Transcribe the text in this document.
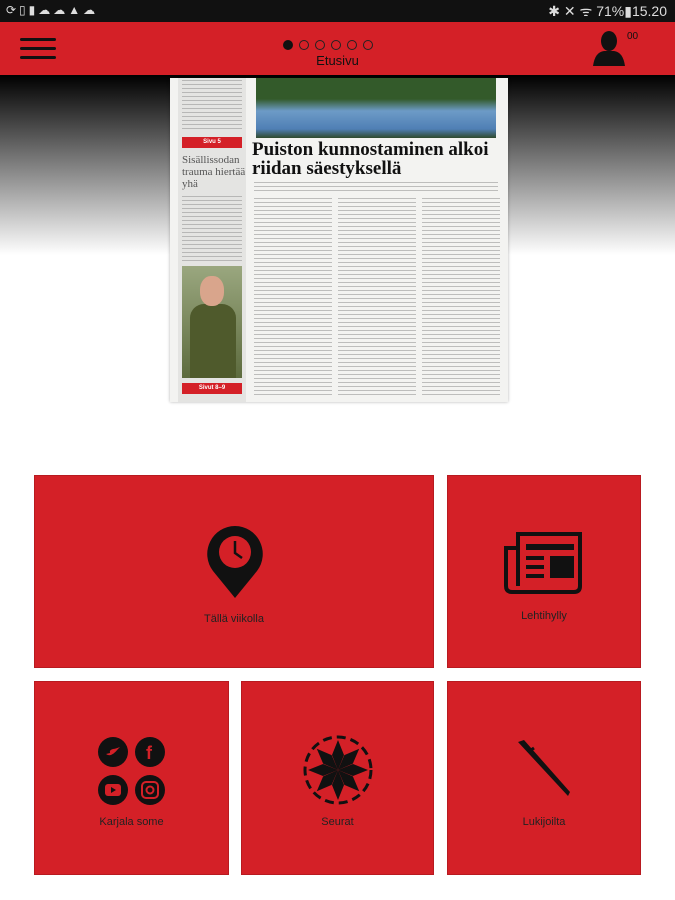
⟳▯▮☁☁▲☁	✱ ✕ ᯤ 71%▮15.20
Etusivu
00
Sivu 5
Sisällissodan trauma hiertää yhä
Sivut 8–9
Puiston kunnostaminen alkoi riidan säestyksellä
Tällä viikolla	Lehtihylly
f
Karjala some	Seurat	Lukijoilta
